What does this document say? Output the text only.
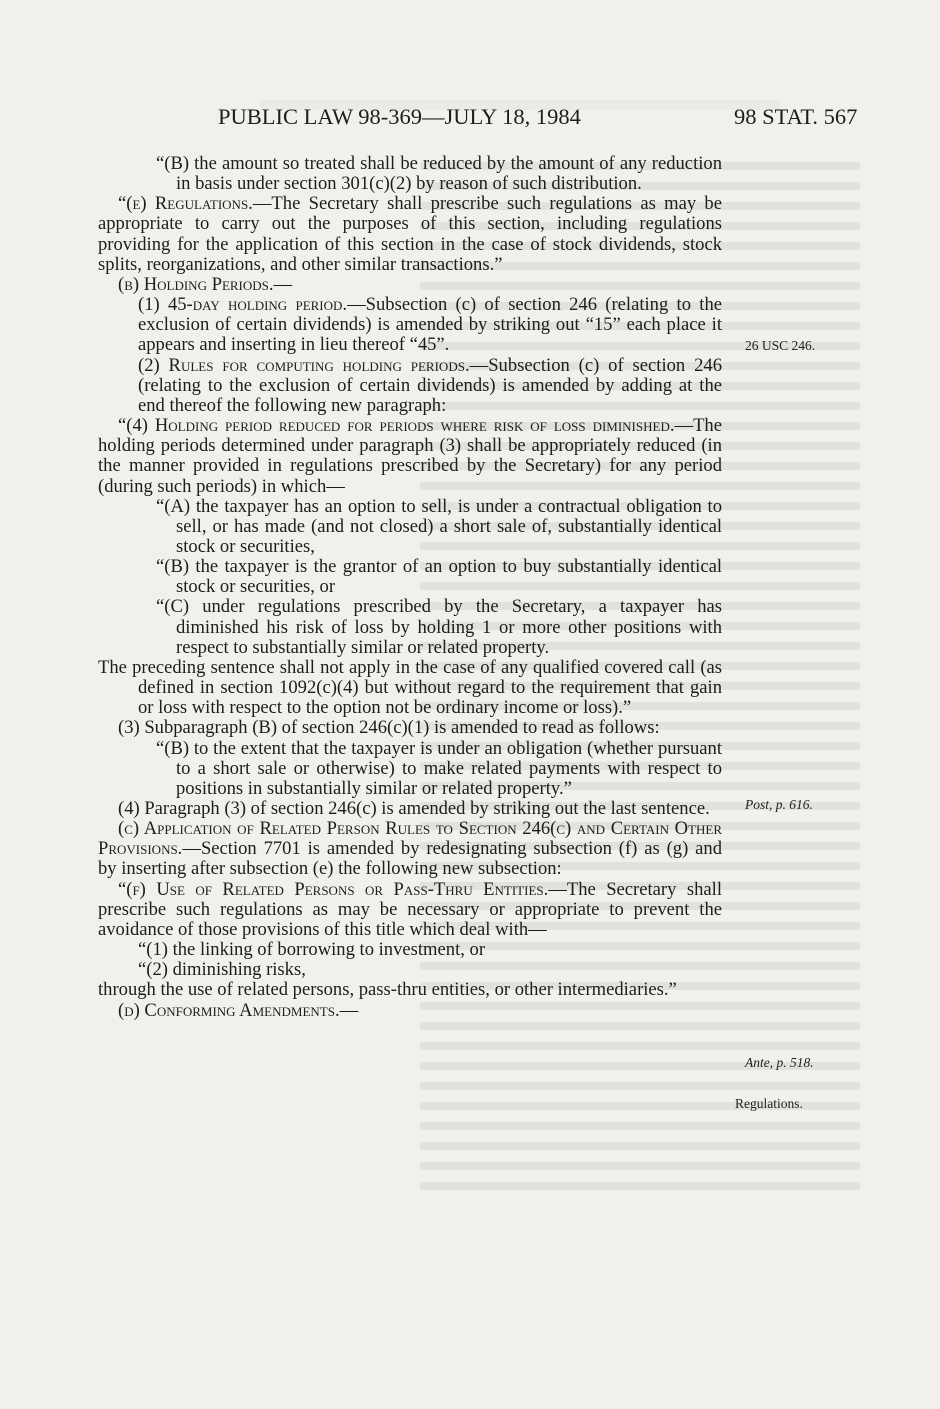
PUBLIC LAW 98-369—JULY 18, 1984	98 STAT. 567

“(B) the amount so treated shall be reduced by the amount of any reduction in basis under section 301(c)(2) by reason of such distribution.

“(e) Regulations.—The Secretary shall prescribe such regulations as may be appropriate to carry out the purposes of this section, including regulations providing for the application of this section in the case of stock dividends, stock splits, reorganizations, and other similar transactions.”

(b) Holding Periods.—

(1) 45-day holding period.—Subsection (c) of section 246 (relating to the exclusion of certain dividends) is amended by striking out “15” each place it appears and inserting in lieu thereof “45”.

(2) Rules for computing holding periods.—Subsection (c) of section 246 (relating to the exclusion of certain dividends) is amended by adding at the end thereof the following new paragraph:

“(4) Holding period reduced for periods where risk of loss diminished.—The holding periods determined under paragraph (3) shall be appropriately reduced (in the manner provided in regulations prescribed by the Secretary) for any period (during such periods) in which—

“(A) the taxpayer has an option to sell, is under a contractual obligation to sell, or has made (and not closed) a short sale of, substantially identical stock or securities,

“(B) the taxpayer is the grantor of an option to buy substantially identical stock or securities, or

“(C) under regulations prescribed by the Secretary, a taxpayer has diminished his risk of loss by holding 1 or more other positions with respect to substantially similar or related property.

The preceding sentence shall not apply in the case of any qualified covered call (as defined in section 1092(c)(4) but without regard to the requirement that gain or loss with respect to the option not be ordinary income or loss).”

(3) Subparagraph (B) of section 246(c)(1) is amended to read as follows:

“(B) to the extent that the taxpayer is under an obligation (whether pursuant to a short sale or otherwise) to make related payments with respect to positions in substantially similar or related property.”

(4) Paragraph (3) of section 246(c) is amended by striking out the last sentence.

(c) Application of Related Person Rules to Section 246(c) and Certain Other Provisions.—Section 7701 is amended by redesignating subsection (f) as (g) and by inserting after subsection (e) the following new subsection:

“(f) Use of Related Persons or Pass-Thru Entities.—The Secretary shall prescribe such regulations as may be necessary or appropriate to prevent the avoidance of those provisions of this title which deal with—

“(1) the linking of borrowing to investment, or

“(2) diminishing risks,

through the use of related persons, pass-thru entities, or other intermediaries.”

(d) Conforming Amendments.—

26 USC 246.
Post, p. 616.
Ante, p. 518.
Regulations.
